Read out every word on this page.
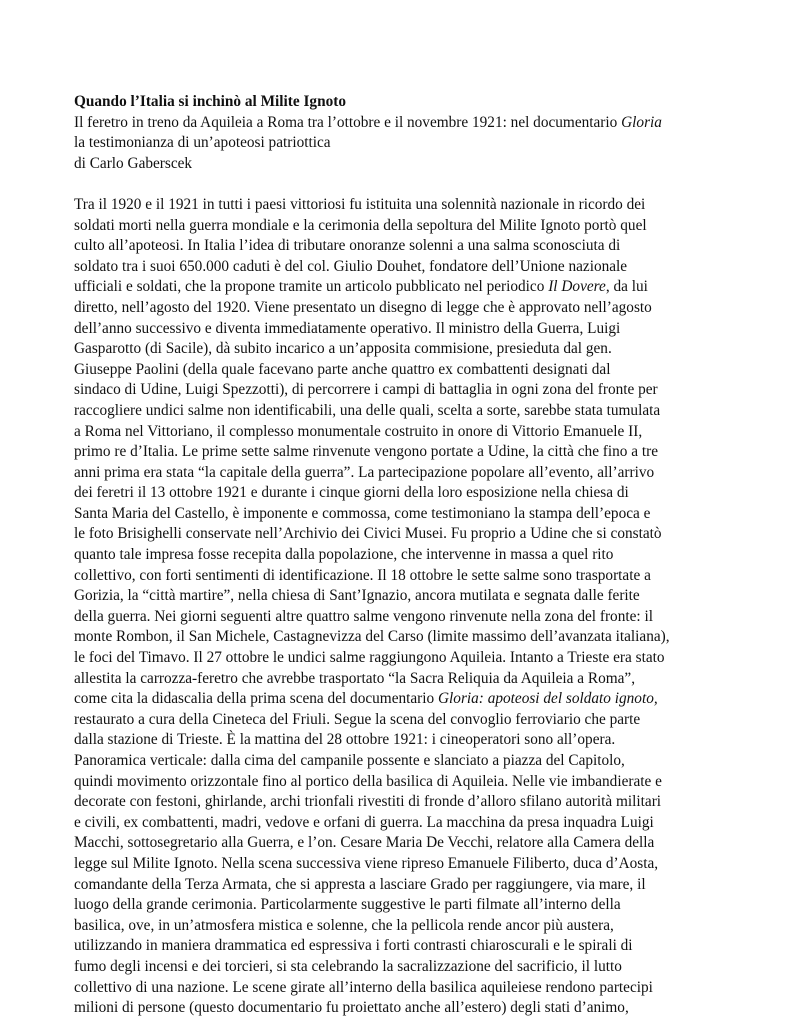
Quando l’Italia si inchinò al Milite Ignoto

Il feretro in treno da Aquileia a Roma tra l’ottobre e il novembre 1921: nel documentario Gloria
la testimonianza di un’apoteosi patriottica

di Carlo Gaberscek

Tra il 1920 e il 1921 in tutti i paesi vittoriosi fu istituita una solennità nazionale in ricordo dei
soldati morti nella guerra mondiale e la cerimonia della sepoltura del Milite Ignoto portò quel
culto all’apoteosi. In Italia l’idea di tributare onoranze solenni a una salma sconosciuta di
soldato tra i suoi 650.000 caduti è del col. Giulio Douhet, fondatore dell’Unione nazionale
ufficiali e soldati, che la propone tramite un articolo pubblicato nel periodico Il Dovere, da lui
diretto, nell’agosto del 1920. Viene presentato un disegno di legge che è approvato nell’agosto
dell’anno successivo e diventa immediatamente operativo. Il ministro della Guerra, Luigi
Gasparotto (di Sacile), dà subito incarico a un’apposita commisione, presieduta dal gen.
Giuseppe Paolini (della quale facevano parte anche quattro ex combattenti designati dal
sindaco di Udine, Luigi Spezzotti), di percorrere i campi di battaglia in ogni zona del fronte per
raccogliere undici salme non identificabili, una delle quali, scelta a sorte, sarebbe stata tumulata
a Roma nel Vittoriano, il complesso monumentale costruito in onore di Vittorio Emanuele II,
primo re d’Italia. Le prime sette salme rinvenute vengono portate a Udine, la città che fino a tre
anni prima era stata “la capitale della guerra”. La partecipazione popolare all’evento, all’arrivo
dei feretri il 13 ottobre 1921 e durante i cinque giorni della loro esposizione nella chiesa di
Santa Maria del Castello, è imponente e commossa, come testimoniano la stampa dell’epoca e
le foto Brisighelli conservate nell’Archivio dei Civici Musei. Fu proprio a Udine che si constatò
quanto tale impresa fosse recepita dalla popolazione, che intervenne in massa a quel rito
collettivo, con forti sentimenti di identificazione. Il 18 ottobre le sette salme sono trasportate a
Gorizia, la “città martire”, nella chiesa di Sant’Ignazio, ancora mutilata e segnata dalle ferite
della guerra. Nei giorni seguenti altre quattro salme vengono rinvenute nella zona del fronte: il
monte Rombon, il San Michele, Castagnevizza del Carso (limite massimo dell’avanzata italiana),
le foci del Timavo. Il 27 ottobre le undici salme raggiungono Aquileia. Intanto a Trieste era stato
allestita la carrozza-feretro che avrebbe trasportato “la Sacra Reliquia da Aquileia a Roma”,
come cita la didascalia della prima scena del documentario Gloria: apoteosi del soldato ignoto,
restaurato a cura della Cineteca del Friuli. Segue la scena del convoglio ferroviario che parte
dalla stazione di Trieste. È la mattina del 28 ottobre 1921: i cineoperatori sono all’opera.
Panoramica verticale: dalla cima del campanile possente e slanciato a piazza del Capitolo,
quindi movimento orizzontale fino al portico della basilica di Aquileia. Nelle vie imbandierate e
decorate con festoni, ghirlande, archi trionfali rivestiti di fronde d’alloro sfilano autorità militari
e civili, ex combattenti, madri, vedove e orfani di guerra. La macchina da presa inquadra Luigi
Macchi, sottosegretario alla Guerra, e l’on. Cesare Maria De Vecchi, relatore alla Camera della
legge sul Milite Ignoto. Nella scena successiva viene ripreso Emanuele Filiberto, duca d’Aosta,
comandante della Terza Armata, che si appresta a lasciare Grado per raggiungere, via mare, il
luogo della grande cerimonia. Particolarmente suggestive le parti filmate all’interno della
basilica, ove, in un’atmosfera mistica e solenne, che la pellicola rende ancor più austera,
utilizzando in maniera drammatica ed espressiva i forti contrasti chiaroscurali e le spirali di
fumo degli incensi e dei torcieri, si sta celebrando la sacralizzazione del sacrificio, il lutto
collettivo di una nazione. Le scene girate all’interno della basilica aquileiese rendono partecipi
milioni di persone (questo documentario fu proiettato anche all’estero) degli stati d’animo,
